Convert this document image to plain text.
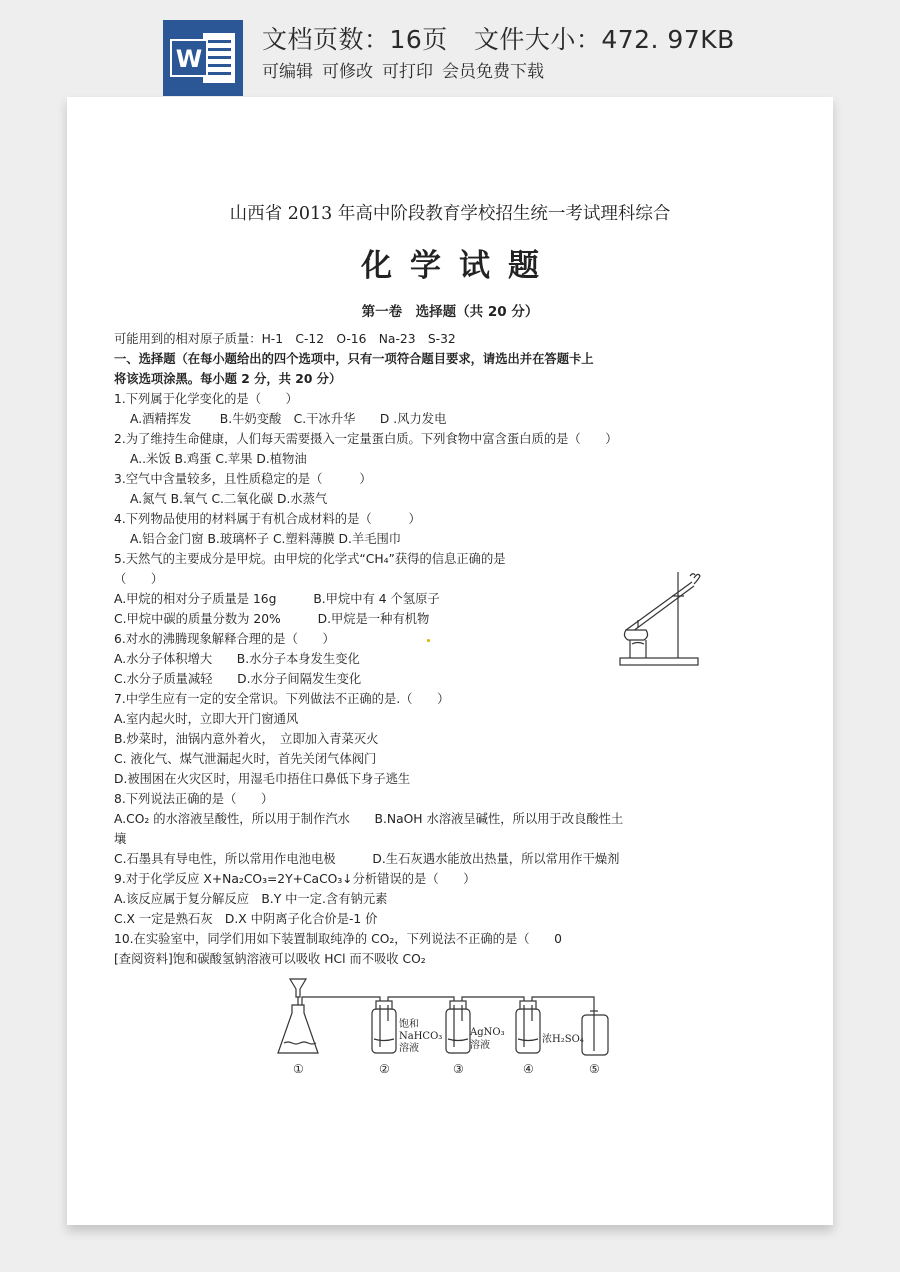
W
文档页数：16页 文件大小：472. 97KB
可编辑 可修改 可打印 会员免费下载
山西省 2013 年高中阶段教育学校招生统一考试理科综合
化学试题
第一卷　选择题（共 20 分）
可能用到的相对原子质量：H-1　C-12　O-16　Na-23　S-32
一、选择题（在每小题给出的四个选项中，只有一项符合题目要求，请选出并在答题卡上
将该选项涂黑。每小题 2 分，共 20 分）
1.下列属于化学变化的是（　　）
A.酒精挥发　　 B.牛奶变酸　C.干冰升华　　D .风力发电
2.为了维持生命健康，人们每天需要摄入一定量蛋白质。下列食物中富含蛋白质的是（　　）
A..米饭 B.鸡蛋 C.苹果 D.植物油
3.空气中含量较多，且性质稳定的是（　　　）
A.氮气 B.氧气 C.二氧化碳 D.水蒸气
4.下列物品使用的材料属于有机合成材料的是（　　　）
A.铝合金门窗 B.玻璃杯子 C.塑料薄膜 D.羊毛围巾
5.天然气的主要成分是甲烷。由甲烷的化学式“CH₄”获得的信息正确的是
（　　）
A.甲烷的相对分子质量是 16g　　　B.甲烷中有 4 个氢原子
C.甲烷中碳的质量分数为 20%　　　D.甲烷是一种有机物
6.对水的沸腾现象解释合理的是（　　）
A.水分子体积增大　　B.水分子本身发生变化
C.水分子质量减轻　　D.水分子间隔发生变化
7.中学生应有一定的安全常识。下列做法不正确的是.（　　）
A.室内起火时，立即大开门窗通风
B.炒菜时，油锅内意外着火，　立即加入青菜灭火
C. 液化气、煤气泄漏起火时，首先关闭气体阀门
D.被围困在火灾区时，用湿毛巾捂住口鼻低下身子逃生
8.下列说法正确的是（　　）
A.CO₂ 的水溶液呈酸性，所以用于制作汽水　　B.NaOH 水溶液呈碱性，所以用于改良酸性土
壤
C.石墨具有导电性，所以常用作电池电极　　　D.生石灰遇水能放出热量，所以常用作干燥剂
9.对于化学反应 X+Na₂CO₃=2Y+CaCO₃↓分析错误的是（　　）
A.该反应属于复分解反应　B.Y 中一定.含有钠元素
C.X 一定是熟石灰　D.X 中阴离子化合价是-1 价
10.在实验室中，同学们用如下装置制取纯净的 CO₂，下列说法不正确的是（　　0
[查阅资料]饱和碳酸氢钠溶液可以吸收 HCl 而不吸收 CO₂
饱和
NaHCO₃
溶液
AgNO₃
溶液
浓H₂SO₄
①	②	③	④	⑤
